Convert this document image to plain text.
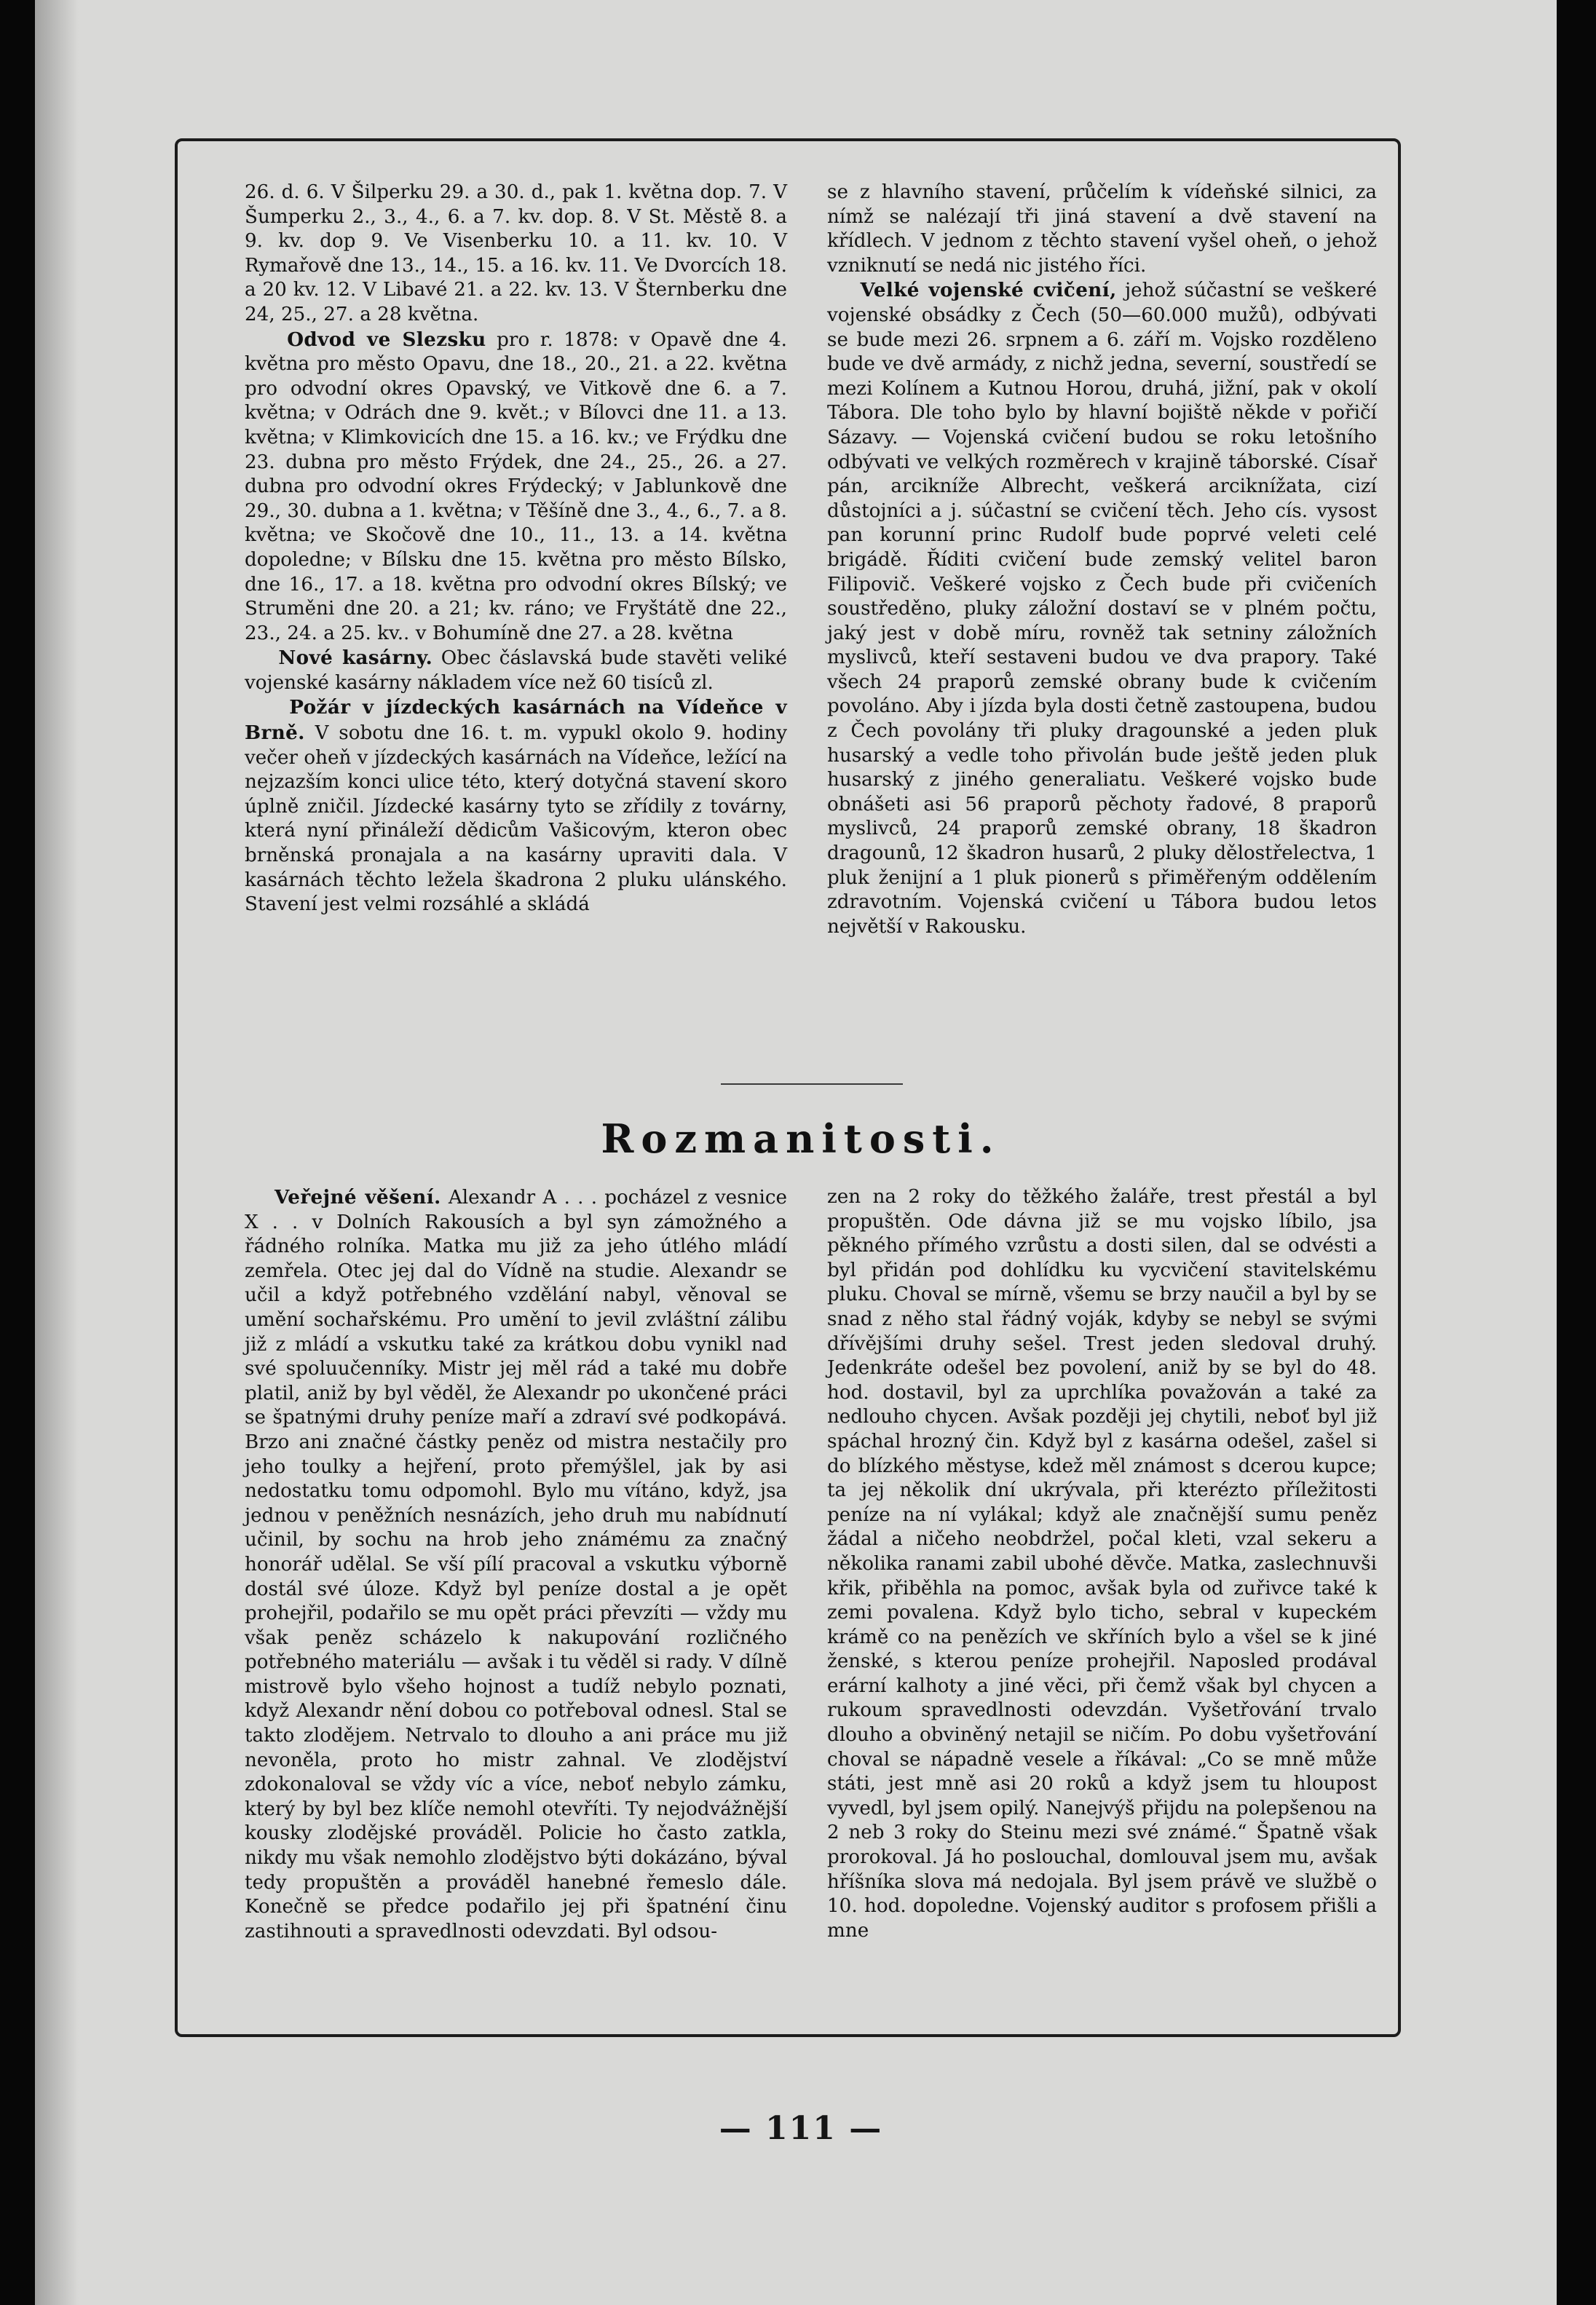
26. d. 6. V Šilperku 29. a 30. d., pak 1. května dop. 7. V Šumperku 2., 3., 4., 6. a 7. kv. dop. 8. V St. Městě 8. a 9. kv. dop 9. Ve Visenberku 10. a 11. kv. 10. V Rymařově dne 13., 14., 15. a 16. kv. 11. Ve Dvorcích 18. a 20 kv. 12. V Libavé 21. a 22. kv. 13. V Šternberku dne 24, 25., 27. a 28 května.

Odvod ve Slezsku pro r. 1878: v Opavě dne 4. května pro město Opavu, dne 18., 20., 21. a 22. května pro odvodní okres Opavský, ve Vitkově dne 6. a 7. května; v Odrách dne 9. květ.; v Bílovci dne 11. a 13. května; v Klimkovicích dne 15. a 16. kv.; ve Frýdku dne 23. dubna pro město Frýdek, dne 24., 25., 26. a 27. dubna pro odvodní okres Frýdecký; v Jablunkově dne 29., 30. dubna a 1. května; v Těšíně dne 3., 4., 6., 7. a 8. května; ve Skočově dne 10., 11., 13. a 14. května dopoledne; v Bílsku dne 15. května pro město Bílsko, dne 16., 17. a 18. května pro odvodní okres Bílský; ve Struměni dne 20. a 21; kv. ráno; ve Fryštátě dne 22., 23., 24. a 25. kv.. v Bohumíně dne 27. a 28. května

Nové kasárny. Obec čáslavská bude stavěti veliké vojenské kasárny nákladem více než 60 tisíců zl.

Požár v jízdeckých kasárnách na Vídeňce v Brně. V sobotu dne 16. t. m. vypukl okolo 9. hodiny večer oheň v jízdeckých kasárnách na Vídeňce, ležící na nejzazším konci ulice této, který dotyčná stavení skoro úplně zničil. Jízdecké kasárny tyto se zřídily z továrny, která nyní přináleží dědicům Vašicovým, kteron obec brněnská pronajala a na kasárny upraviti dala. V kasárnách těchto ležela škadrona 2 pluku ulánského. Stavení jest velmi rozsáhlé a skládá

se z hlavního stavení, průčelím k vídeňské silnici, za nímž se nalézají tři jiná stavení a dvě stavení na křídlech. V jednom z těchto stavení vyšel oheň, o jehož vzniknutí se nedá nic jistého říci.

Velké vojenské cvičení, jehož súčastní se veškeré vojenské obsádky z Čech (50—60.000 mužů), odbývati se bude mezi 26. srpnem a 6. září m. Vojsko rozděleno bude ve dvě armády, z nichž jedna, severní, soustředí se mezi Kolínem a Kutnou Horou, druhá, jižní, pak v okolí Tábora. Dle toho bylo by hlavní bojiště někde v pořičí Sázavy. — Vojenská cvičení budou se roku letošního odbývati ve velkých rozměrech v krajině táborské. Císař pán, arcikníže Albrecht, veškerá arciknížata, cizí důstojníci a j. súčastní se cvičení těch. Jeho cís. vysost pan korunní princ Rudolf bude poprvé veleti celé brigádě. Říditi cvičení bude zemský velitel baron Filipovič. Veškeré vojsko z Čech bude při cvičeních soustředěno, pluky záložní dostaví se v plném počtu, jaký jest v době míru, rovněž tak setniny záložních myslivců, kteří sestaveni budou ve dva prapory. Také všech 24 praporů zemské obrany bude k cvičením povoláno. Aby i jízda byla dosti četně zastoupena, budou z Čech povolány tři pluky dragounské a jeden pluk husarský a vedle toho přivolán bude ještě jeden pluk husarský z jiného generaliatu. Veškeré vojsko bude obnášeti asi 56 praporů pěchoty řadové, 8 praporů myslivců, 24 praporů zemské obrany, 18 škadron dragounů, 12 škadron husarů, 2 pluky dělostřelectva, 1 pluk ženijní a 1 pluk pionerů s přiměřeným oddělením zdravotním. Vojenská cvičení u Tábora budou letos největší v Rakousku.

Rozmanitosti.

Veřejné věšení. Alexandr A . . . pocházel z vesnice X . . v Dolních Rakousích a byl syn zámožného a řádného rolníka. Matka mu již za jeho útlého mládí zemřela. Otec jej dal do Vídně na studie. Alexandr se učil a když potřebného vzdělání nabyl, věnoval se umění sochařskému. Pro umění to jevil zvláštní zálibu již z mládí a vskutku také za krátkou dobu vynikl nad své spoluučenníky. Mistr jej měl rád a také mu dobře platil, aniž by byl věděl, že Alexandr po ukončené práci se špatnými druhy peníze maří a zdraví své podkopává. Brzo ani značné částky peněz od mistra nestačily pro jeho toulky a hejření, proto přemýšlel, jak by asi nedostatku tomu odpomohl. Bylo mu vítáno, když, jsa jednou v peněžních nesnázích, jeho druh mu nabídnutí učinil, by sochu na hrob jeho známému za značný honorář udělal. Se vší pílí pracoval a vskutku výborně dostál své úloze. Když byl peníze dostal a je opět prohejřil, podařilo se mu opět práci převzíti — vždy mu však peněz scházelo k nakupování rozličného potřebného materiálu — avšak i tu věděl si rady. V dílně mistrově bylo všeho hojnost a tudíž nebylo poznati, když Alexandr nění dobou co potřeboval odnesl. Stal se takto zlodějem. Netrvalo to dlouho a ani práce mu již nevoněla, proto ho mistr zahnal. Ve zlodějství zdokonaloval se vždy víc a více, neboť nebylo zámku, který by byl bez klíče nemohl otevříti. Ty nejodvážnější kousky zlodějské prováděl. Policie ho často zatkla, nikdy mu však nemohlo zlodějstvo býti dokázáno, býval tedy propuštěn a prováděl hanebné řemeslo dále. Konečně se předce podařilo jej při špatnéní činu zastihnouti a spravedlnosti odevzdati. Byl odsou-

zen na 2 roky do těžkého žaláře, trest přestál a byl propuštěn. Ode dávna již se mu vojsko líbilo, jsa pěkného přímého vzrůstu a dosti silen, dal se odvésti a byl přidán pod dohlídku ku vycvičení stavitelskému pluku. Choval se mírně, všemu se brzy naučil a byl by se snad z něho stal řádný voják, kdyby se nebyl se svými dřívějšími druhy sešel. Trest jeden sledoval druhý. Jedenkráte odešel bez povolení, aniž by se byl do 48. hod. dostavil, byl za uprchlíka považován a také za nedlouho chycen. Avšak později jej chytili, neboť byl již spáchal hrozný čin. Když byl z kasárna odešel, zašel si do blízkého městyse, kdež měl známost s dcerou kupce; ta jej několik dní ukrývala, při kterézto příležitosti peníze na ní vylákal; když ale značnější sumu peněz žádal a ničeho neobdržel, počal kleti, vzal sekeru a několika ranami zabil ubohé děvče. Matka, zaslechnuvši křik, přiběhla na pomoc, avšak byla od zuřivce také k zemi povalena. Když bylo ticho, sebral v kupeckém krámě co na penězích ve skříních bylo a všel se k jiné ženské, s kterou peníze prohejřil. Naposled prodával erární kalhoty a jiné věci, při čemž však byl chycen a rukoum spravedlnosti odevzdán. Vyšetřování trvalo dlouho a obviněný netajil se ničím. Po dobu vyšetřování choval se nápadně vesele a říkával: „Co se mně může státi, jest mně asi 20 roků a když jsem tu hloupost vyvedl, byl jsem opilý. Nanejvýš přijdu na polepšenou na 2 neb 3 roky do Steinu mezi své známé.“ Špatně však prorokoval. Já ho poslouchal, domlouval jsem mu, avšak hříšníka slova má nedojala. Byl jsem právě ve službě o 10. hod. dopoledne. Vojenský auditor s profosem přišli a mne

— 111 —
